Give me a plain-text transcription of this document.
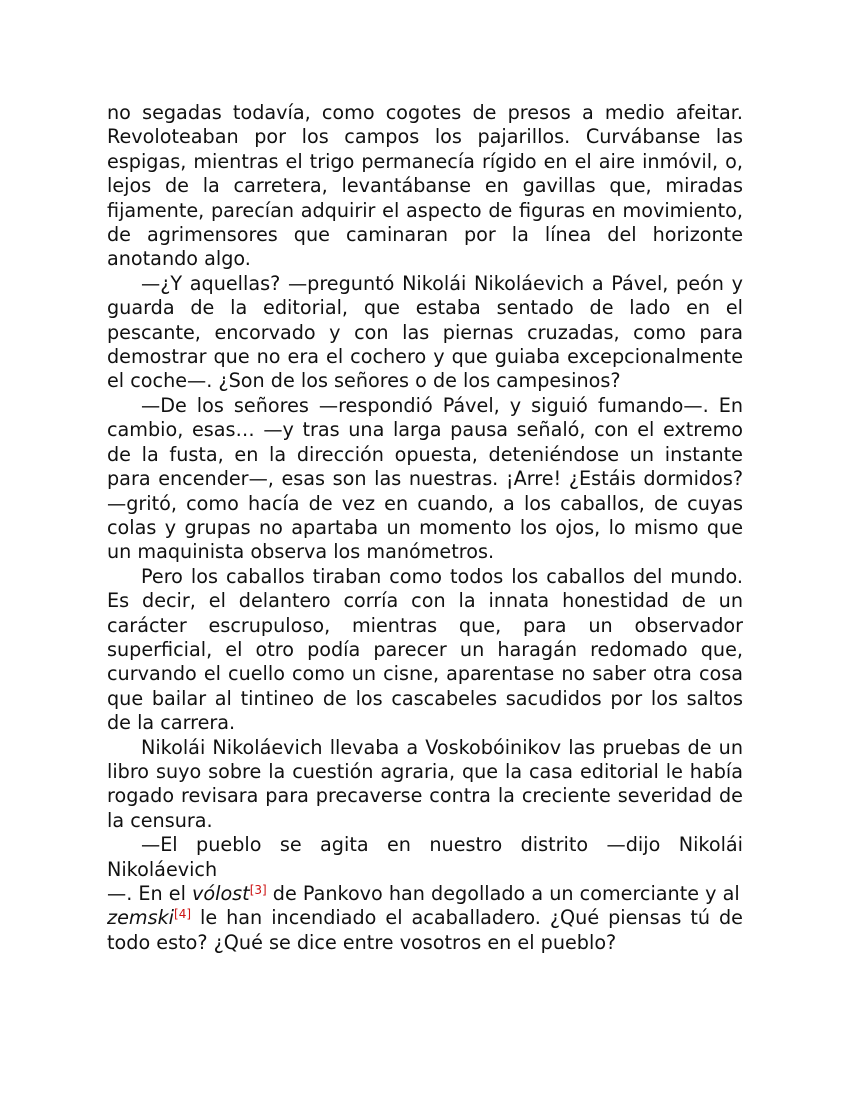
no segadas todavía, como cogotes de presos a medio afeitar. Revoloteaban por los campos los pajarillos. Curvábanse las espigas, mientras el trigo permanecía rígido en el aire inmóvil, o, lejos de la carretera, levantábanse en gavillas que, miradas fijamente, parecían adquirir el aspecto de figuras en movimiento, de agrimensores que caminaran por la línea del horizonte anotando algo.

—¿Y aquellas? —preguntó Nikolái Nikoláevich a Pável, peón y guarda de la editorial, que estaba sentado de lado en el pescante, encorvado y con las piernas cruzadas, como para demostrar que no era el cochero y que guiaba excepcionalmente el coche—. ¿Son de los señores o de los campesinos?

—De los señores —respondió Pável, y siguió fumando—. En cambio, esas… —y tras una larga pausa señaló, con el extremo de la fusta, en la dirección opuesta, deteniéndose un instante para encender—, esas son las nuestras. ¡Arre! ¿Estáis dormidos? —gritó, como hacía de vez en cuando, a los caballos, de cuyas colas y grupas no apartaba un momento los ojos, lo mismo que un maquinista observa los manómetros.

Pero los caballos tiraban como todos los caballos del mundo. Es decir, el delantero corría con la innata honestidad de un carácter escrupuloso, mientras que, para un observador superficial, el otro podía parecer un haragán redomado que, curvando el cuello como un cisne, aparentase no saber otra cosa que bailar al tintineo de los cascabeles sacudidos por los saltos de la carrera.

Nikolái Nikoláevich llevaba a Voskobóinikov las pruebas de un libro suyo sobre la cuestión agraria, que la casa editorial le había rogado revisara para precaverse contra la creciente severidad de la censura.

—El pueblo se agita en nuestro distrito —dijo Nikolái Nikoláevich
—. En el vólost[3] de Pankovo han degollado a un comerciante y al
zemski[4] le han incendiado el acaballadero. ¿Qué piensas tú de todo esto? ¿Qué se dice entre vosotros en el pueblo?
